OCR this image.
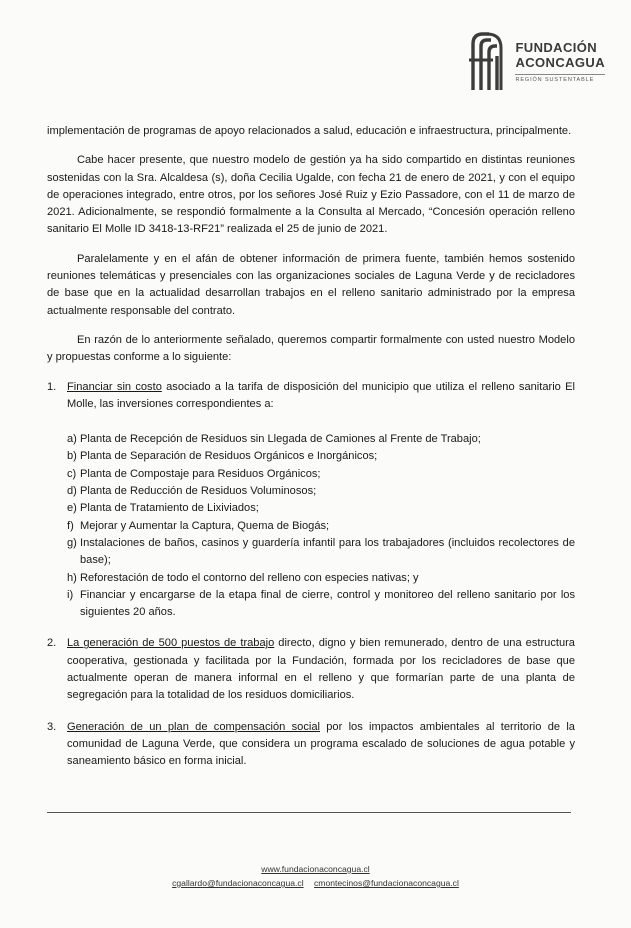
FUNDACIÓN
ACONCAGUA
REGIÓN SUSTENTABLE

implementación de programas de apoyo relacionados a salud, educación e infraestructura, principalmente.

Cabe hacer presente, que nuestro modelo de gestión ya ha sido compartido en distintas reuniones sostenidas con la Sra. Alcaldesa (s), doña Cecilia Ugalde, con fecha 21 de enero de 2021, y con el equipo de operaciones integrado, entre otros, por los señores José Ruiz y Ezio Passadore, con el 11 de marzo de 2021. Adicionalmente, se respondió formalmente a la Consulta al Mercado, “Concesión operación relleno sanitario El Molle ID 3418-13-RF21” realizada el 25 de junio de 2021.

Paralelamente y en el afán de obtener información de primera fuente, también hemos sostenido reuniones telemáticas y presenciales con las organizaciones sociales de Laguna Verde y de recicladores de base que en la actualidad desarrollan trabajos en el relleno sanitario administrado por la empresa actualmente responsable del contrato.

En razón de lo anteriormente señalado, queremos compartir formalmente con usted nuestro Modelo y propuestas conforme a lo siguiente:

1. Financiar sin costo asociado a la tarifa de disposición del municipio que utiliza el relleno sanitario El Molle, las inversiones correspondientes a:

a) Planta de Recepción de Residuos sin Llegada de Camiones al Frente de Trabajo;
b) Planta de Separación de Residuos Orgánicos e Inorgánicos;
c) Planta de Compostaje para Residuos Orgánicos;
d) Planta de Reducción de Residuos Voluminosos;
e) Planta de Tratamiento de Lixiviados;
f) Mejorar y Aumentar la Captura, Quema de Biogás;
g) Instalaciones de baños, casinos y guardería infantil para los trabajadores (incluidos recolectores de base);
h) Reforestación de todo el contorno del relleno con especies nativas; y
i) Financiar y encargarse de la etapa final de cierre, control y monitoreo del relleno sanitario por los siguientes 20 años.
2. La generación de 500 puestos de trabajo directo, digno y bien remunerado, dentro de una estructura cooperativa, gestionada y facilitada por la Fundación, formada por los recicladores de base que actualmente operan de manera informal en el relleno y que formarían parte de una planta de segregación para la totalidad de los residuos domiciliarios.

3. Generación de un plan de compensación social por los impactos ambientales al territorio de la comunidad de Laguna Verde, que considera un programa escalado de soluciones de agua potable y saneamiento básico en forma inicial.

www.fundacionaconcagua.cl
cgallardo@fundacionaconcagua.cl cmontecinos@fundacionaconcagua.cl
